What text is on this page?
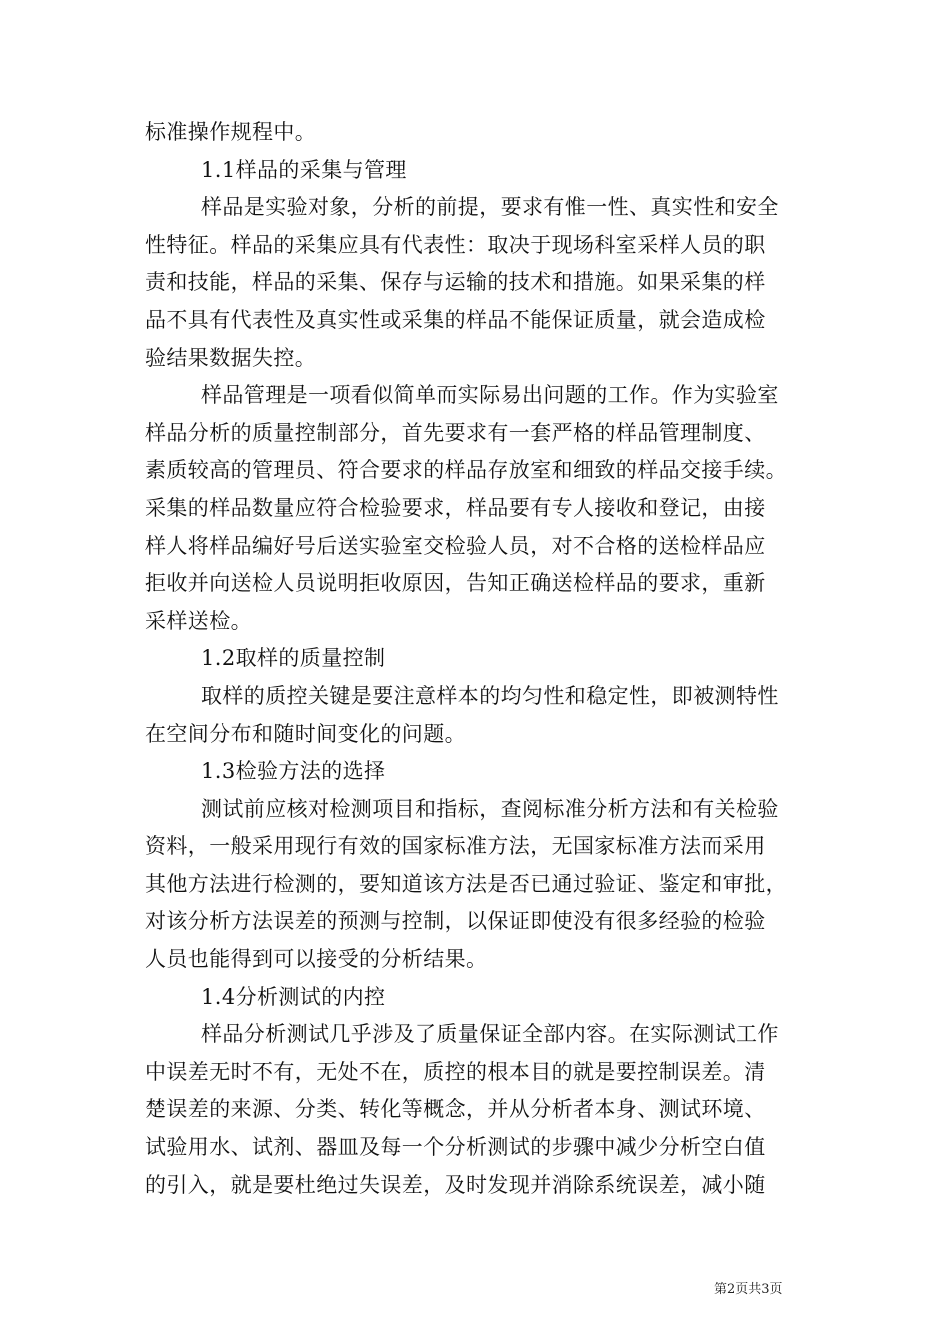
标准操作规程中。
1.1样品的采集与管理
样品是实验对象，分析的前提，要求有惟一性、真实性和安全
性特征。样品的采集应具有代表性：取决于现场科室采样人员的职
责和技能，样品的采集、保存与运输的技术和措施。如果采集的样
品不具有代表性及真实性或采集的样品不能保证质量，就会造成检
验结果数据失控。
样品管理是一项看似简单而实际易出问题的工作。作为实验室
样品分析的质量控制部分，首先要求有一套严格的样品管理制度、
素质较高的管理员、符合要求的样品存放室和细致的样品交接手续。
采集的样品数量应符合检验要求，样品要有专人接收和登记，由接
样人将样品编好号后送实验室交检验人员，对不合格的送检样品应
拒收并向送检人员说明拒收原因，告知正确送检样品的要求，重新
采样送检。
1.2取样的质量控制
取样的质控关键是要注意样本的均匀性和稳定性，即被测特性
在空间分布和随时间变化的问题。
1.3检验方法的选择
测试前应核对检测项目和指标，查阅标准分析方法和有关检验
资料，一般采用现行有效的国家标准方法，无国家标准方法而采用
其他方法进行检测的，要知道该方法是否已通过验证、鉴定和审批，
对该分析方法误差的预测与控制，以保证即使没有很多经验的检验
人员也能得到可以接受的分析结果。
1.4分析测试的内控
样品分析测试几乎涉及了质量保证全部内容。在实际测试工作
中误差无时不有，无处不在，质控的根本目的就是要控制误差。清
楚误差的来源、分类、转化等概念，并从分析者本身、测试环境、
试验用水、试剂、器皿及每一个分析测试的步骤中减少分析空白值
的引入，就是要杜绝过失误差，及时发现并消除系统误差，减小随
第2页共3页
